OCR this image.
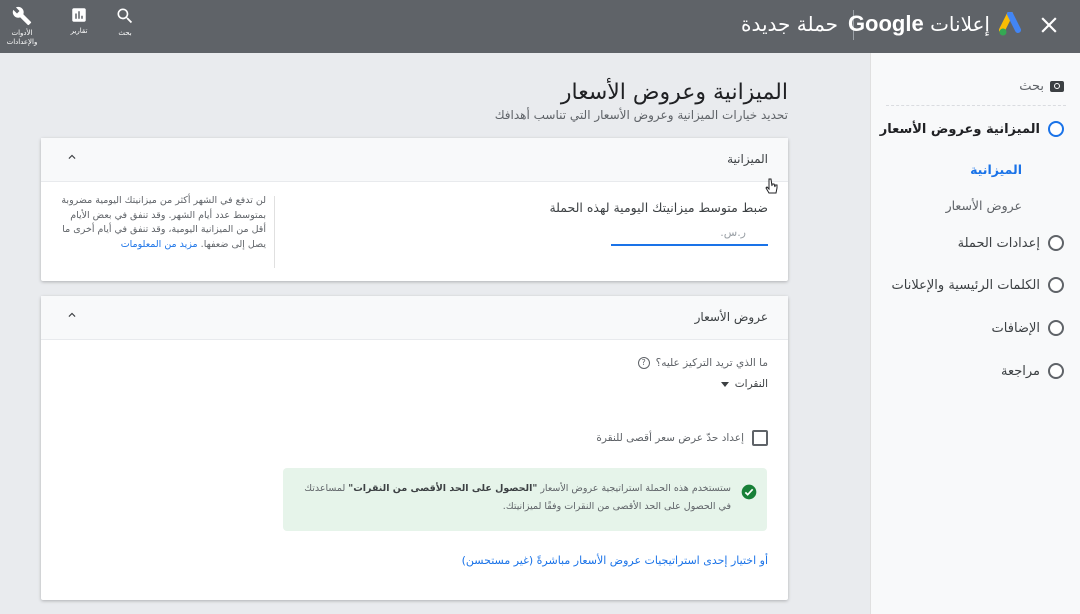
الأدوات والإعدادات
تقارير	بحث	حملة جديدة	إعلانات Google
بحث
الميزانية وعروض الأسعار
الميزانية
عروض الأسعار
إعدادات الحملة
الكلمات الرئيسية والإعلانات
الإضافات
مراجعة
الميزانية وعروض الأسعار
تحديد خيارات الميزانية وعروض الأسعار التي تناسب أهدافك
الميزانية
ضبط متوسط ميزانيتك اليومية لهذه الحملة
ر.س.
لن تدفع في الشهر أكثر من ميزانيتك اليومية مضروبة بمتوسط عدد أيام الشهر. وقد تنفق في بعض الأيام أقل من الميزانية اليومية، وقد تنفق في أيام أخرى ما يصل إلى ضعفها. مزيد من المعلومات
عروض الأسعار
ما الذي تريد التركيز عليه؟
?
النقرات
إعداد حدّ عرض سعر أقصى للنقرة
ستستخدم هذه الحملة استراتيجية عروض الأسعار "الحصول على الحد الأقصى من النقرات" لمساعدتك في الحصول على الحد الأقصى من النقرات وفقًا لميزانيتك.
أو اختيار إحدى استراتيجيات عروض الأسعار مباشرةً (غير مستحسن)
